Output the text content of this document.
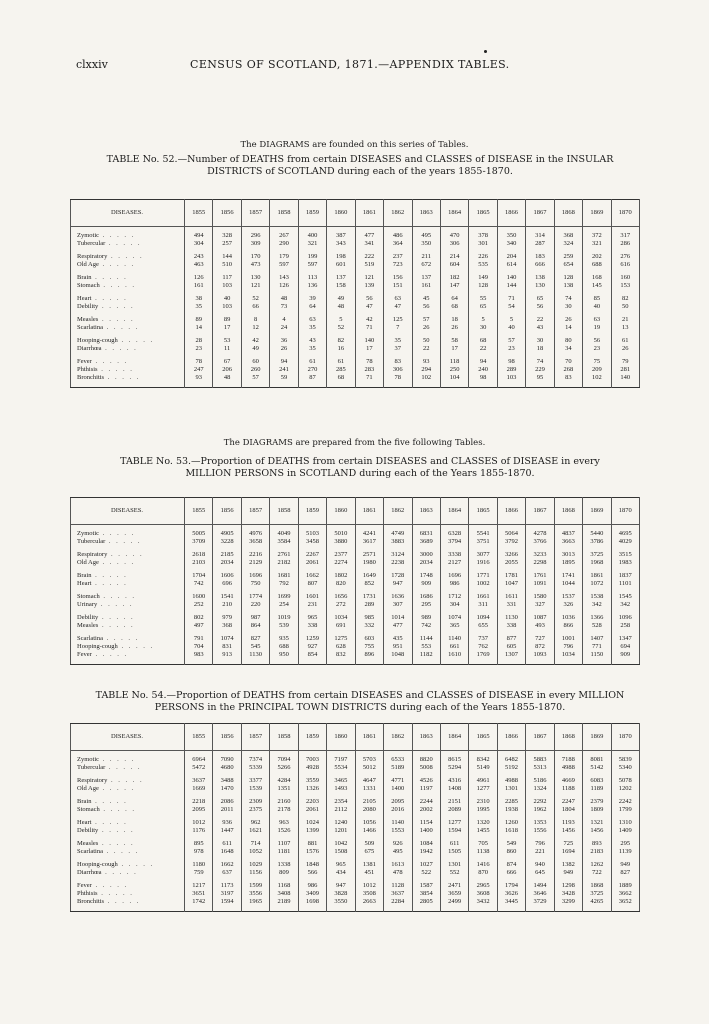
clxxiv	CENSUS OF SCOTLAND, 1871.—APPENDIX TABLES.
The DIAGRAMS are founded on this series of Tables.
TABLE No. 52.—Number of DEATHS from certain DISEASES and CLASSES of DISEASE in the INSULAR
DISTRICTS of SCOTLAND during each of the years 1855-1870.
DISEASES.	1855	1856	1857	1858	1859	1860	1861	1862	1863	1864	1865	1866	1867	1868	1869	1870

Zymotic . . . . .	494	328	296	267	400	387	477	486	495	470	378	350	314	368	372	317
Tubercular . . . . .	304	257	309	290	321	343	341	364	350	306	301	340	287	324	321	286

Respiratory . . . . .	243	144	170	179	199	198	222	237	211	214	226	204	183	259	202	276
Old Age . . . . .	463	510	473	597	597	601	519	723	672	604	535	614	666	654	688	616

Brain . . . . .	126	117	130	143	113	137	121	156	137	182	149	140	138	128	168	160
Stomach . . . . .	161	103	121	126	136	158	139	151	161	147	128	144	130	138	145	153

Heart . . . . .	38	40	52	48	39	49	56	63	45	64	55	71	65	74	85	82
Debility . . . . .	35	103	66	73	64	48	47	47	56	68	65	54	56	30	40	50

Measles . . . . .	89	89	8	4	63	5	42	125	57	18	5	5	22	26	63	21
Scarlatina . . . . .	14	17	12	24	35	52	71	7	26	26	30	40	43	14	19	13

Hooping-cough . . . . .	28	53	42	36	43	82	140	35	50	58	68	57	30	80	56	61
Diarrhœa . . . . .	23	11	49	26	35	16	17	37	22	17	22	23	18	34	23	26

Fever . . . . .	78	67	60	94	61	61	78	83	93	118	94	98	74	70	75	79
Phthisis . . . . .	247	206	260	241	270	285	283	306	294	250	240	289	229	268	209	281
Bronchitis . . . . .	93	48	57	59	87	68	71	78	102	104	98	103	95	83	102	140

The DIAGRAMS are prepared from the five following Tables.
TABLE No. 53.—Proportion of DEATHS from certain DISEASES and CLASSES of DISEASE in every
MILLION PERSONS in SCOTLAND during each of the Years 1855-1870.
DISEASES.	1855	1856	1857	1858	1859	1860	1861	1862	1863	1864	1865	1866	1867	1868	1869	1870

Zymotic . . . . .	5005	4905	4976	4049	5103	5010	4241	4749	6831	6328	5541	5064	4278	4837	5440	4695
Tubercular . . . . .	3709	3228	3658	3584	3458	3880	3617	3883	3689	3794	3751	3792	3766	3663	3786	4029

Respiratory . . . . .	2618	2185	2216	2761	2267	2377	2571	3124	3000	3338	3077	3266	3233	3013	3725	3515
Old Age . . . . .	2103	2034	2129	2182	2061	2274	1980	2238	2034	2127	1916	2055	2298	1895	1968	1983

Brain . . . . .	1704	1606	1696	1681	1662	1802	1649	1728	1748	1696	1771	1781	1761	1741	1861	1837
Heart . . . . .	742	696	750	792	807	820	852	947	909	986	1002	1047	1091	1044	1072	1101

Stomach . . . . .	1600	1541	1774	1699	1601	1656	1731	1636	1686	1712	1661	1611	1580	1537	1538	1545
Urinary . . . . .	252	210	220	254	231	272	289	307	295	304	311	331	327	326	342	342

Debility . . . . .	802	979	987	1019	965	1034	985	1014	989	1074	1094	1130	1087	1036	1366	1096
Measles . . . . .	497	368	864	539	338	691	332	477	742	365	655	338	493	866	528	258

Scarlatina . . . . .	791	1074	827	935	1259	1275	603	435	1144	1140	737	877	727	1001	1407	1347
Hooping-cough . . . . .	704	831	545	688	927	628	755	951	553	661	762	605	872	796	771	694
Fever . . . . .	983	913	1130	950	854	832	896	1048	1182	1610	1769	1307	1093	1034	1150	909

TABLE No. 54.—Proportion of DEATHS from certain DISEASES and CLASSES of DISEASE in every MILLION
PERSONS in the PRINCIPAL TOWN DISTRICTS during each of the Years 1855-1870.
DISEASES.	1855	1856	1857	1858	1859	1860	1861	1862	1863	1864	1865	1866	1867	1868	1869	1870

Zymotic . . . . .	6964	7090	7374	7094	7003	7197	5703	6533	8820	8615	8342	6482	5883	7188	8081	5839
Tubercular . . . . .	5472	4680	5339	5266	4928	5534	5012	5189	5008	5294	5149	5192	5313	4988	5142	5340

Respiratory . . . . .	3637	3488	3377	4284	3559	3465	4647	4771	4526	4316	4961	4988	5186	4669	6083	5078
Old Age . . . . .	1669	1470	1539	1351	1326	1493	1331	1400	1197	1408	1277	1301	1324	1188	1189	1202

Brain . . . . .	2218	2086	2309	2160	2203	2354	2105	2095	2244	2151	2310	2285	2292	2247	2379	2242
Stomach . . . . .	2095	2011	2375	2178	2061	2112	2080	2016	2002	2089	1995	1938	1962	1804	1809	1799

Heart . . . . .	1012	936	962	963	1024	1240	1056	1140	1154	1277	1320	1260	1353	1193	1321	1310
Debility . . . . .	1176	1447	1621	1526	1399	1201	1466	1553	1400	1594	1455	1618	1556	1456	1456	1409

Measles . . . . .	895	611	714	1107	881	1042	509	926	1084	611	705	549	796	725	893	295
Scarlatina . . . . .	978	1648	1052	1181	1576	1508	675	495	1942	1505	1138	860	221	1694	2183	1139

Hooping-cough . . . . .	1180	1662	1029	1338	1848	965	1381	1613	1027	1301	1416	874	940	1382	1262	949
Diarrhœa . . . . .	759	637	1156	809	566	434	451	478	522	552	870	666	645	949	722	827

Fever . . . . .	1217	1173	1599	1168	986	947	1012	1128	1587	2471	2965	1794	1494	1298	1868	1889
Phthisis . . . . .	3651	3197	3556	3408	3409	3828	3508	3637	3854	3659	3608	3626	3646	3428	3725	3662
Bronchitis . . . . .	1742	1594	1965	2189	1698	3550	2663	2284	2805	2499	3432	3445	3729	3299	4265	3652
